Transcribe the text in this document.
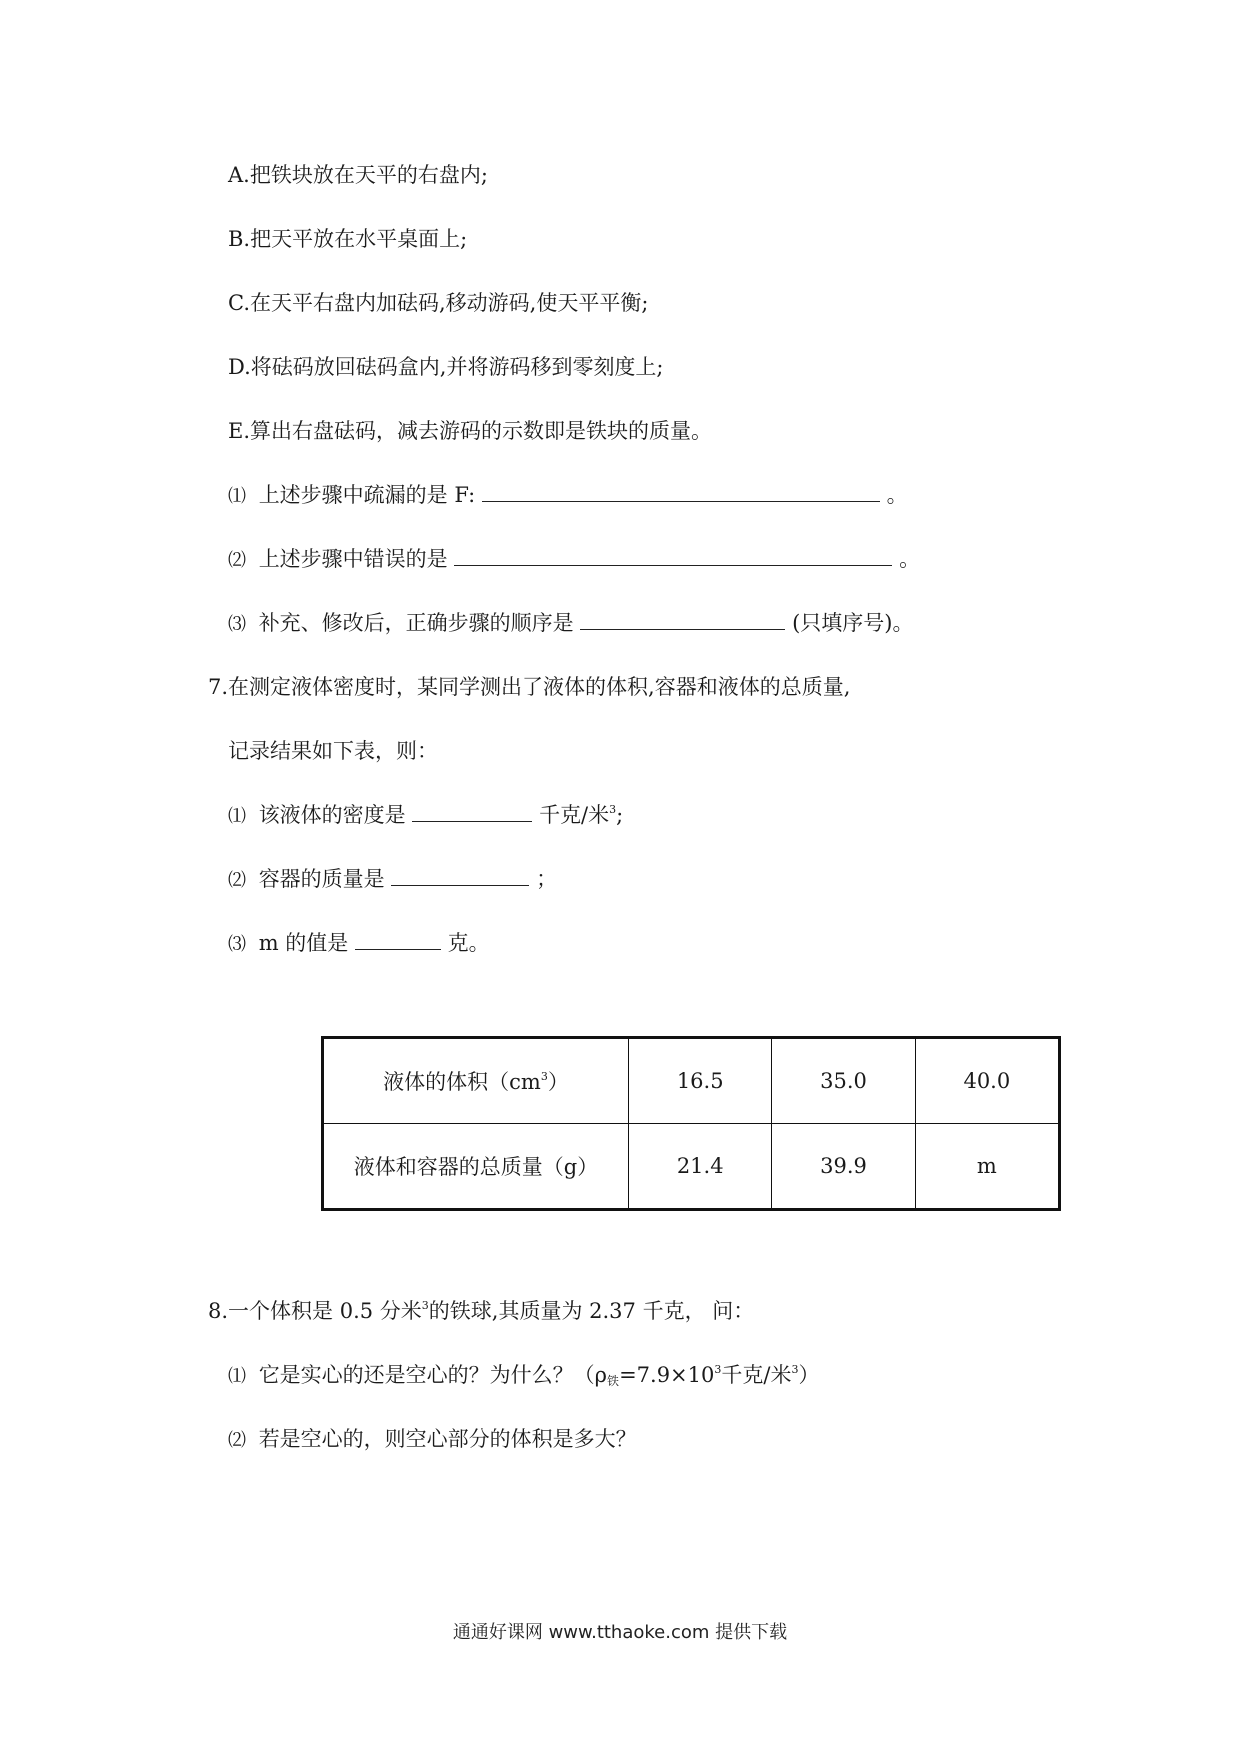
A.把铁块放在天平的右盘内;
B.把天平放在水平桌面上;
C.在天平右盘内加砝码,移动游码,使天平平衡;
D.将砝码放回砝码盒内,并将游码移到零刻度上;
E.算出右盘砝码，减去游码的示数即是铁块的质量。
⑴ 上述步骤中疏漏的是 F:	。
⑵ 上述步骤中错误的是	。
⑶ 补充、修改后，正确步骤的顺序是	(只填序号)。
7.在测定液体密度时，某同学测出了液体的体积,容器和液体的总质量,
记录结果如下表，则：
⑴ 该液体的密度是	千克/米$^3$;
⑵ 容器的质量是	；
⑶ m 的值是	克。
液体的体积$(cm^3)$	16.5	35.0	40.0
液体和容器的总质量（g）	21.4	39.9	m
8.一个体积是 0.5 分米$^3$的铁球,其质量为 2.37 千克， 问：
⑴ 它是实心的还是空心的？为什么？（$\rho_铁=7.9\times 10^3$千克/米$^3$）
⑵ 若是空心的，则空心部分的体积是多大？
通通好课网 www.tthaoke.com 提供下载
